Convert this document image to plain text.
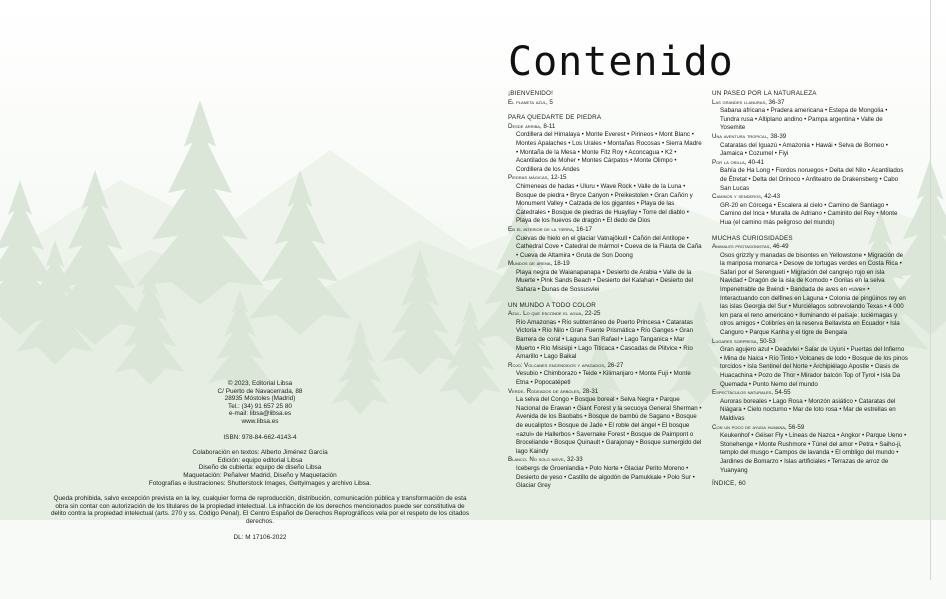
© 2023, Editorial Libsa
C/ Puerto de Navacerrada, 88
28935 Móstoles (Madrid)
Tel.: (34) 91 657 25 80
e-mail: libsa@libsa.es
www.libsa.es
ISBN: 978-84-662-4143-4
Colaboración en textos: Alberto Jiménez García
Edición: equipo editorial Libsa
Diseño de cubierta: equipo de diseño Libsa
Maquetación: Peñalver Madrid, Diseño y Maquetación
Fotografías e ilustraciones: Shutterstock Images, Gettyimages y archivo Libsa.
Queda prohibida, salvo excepción prevista en la ley, cualquier forma de reproducción, distribución, comunicación pública y transformación de esta obra sin contar con autorización de los titulares de la propiedad intelectual. La infracción de los derechos mencionados puede ser constitutiva de delito contra la propiedad intelectual (arts. 270 y ss. Código Penal). El Centro Español de Derechos Reprográficos vela por el respeto de los citados derechos.
DL: M 17106-2022
Contenido
¡BIENVENIDO!
El planeta azul, 5
PARA QUEDARTE DE PIEDRA
Desde arriba, 8-11
Cordillera del Himalaya • Monte Everest • Pirineos • Mont Blanc • Montes Apalaches • Los Urales • Montañas Rocosas • Sierra Madre • Montaña de la Mesa • Monte Fitz Roy • Aconcagua • K2 • Acantilados de Moher • Montes Cárpatos • Monte Olimpo • Cordillera de los Andes
Piedras mágicas, 12-15
Chimeneas de hadas • Uluru • Wave Rock • Valle de la Luna • Bosque de piedra • Bryce Canyon • Preikestolen • Gran Cañón y Monument Valley • Calzada de los gigantes • Playa de las Catedrales • Bosque de piedras de Huayllay • Torre del diablo • Playa de los huevos de dragón • El dedo de Dios
En el interior de la tierra, 16-17
Cuevas de hielo en el glaciar Vatnajökull • Cañón del Antílope • Cathedral Cove • Catedral de mármol • Cueva de la Flauta de Caña • Cueva de Altamira • Gruta de Son Doong
Mundos de arena, 18-19
Playa negra de Waianapanapa • Desierto de Arabia • Valle de la Muerte • Pink Sands Beach • Desierto del Kalahari • Desierto del Sahara • Dunas de Sossusvlei
UN MUNDO A TODO COLOR
Azul. Lo que esconde el agua, 22-25
Río Amazonas • Río subterráneo de Puerto Princesa • Cataratas Victoria • Río Nilo • Gran Fuente Prismática • Río Ganges • Gran Barrera de coral • Laguna San Rafael • Lago Tanganica • Mar Muerto • Río Misisipi • Lago Titicaca • Cascadas de Plitvice • Río Amarillo • Lago Baikal
Rojo: Volcanes encendidos y apagados, 26-27
Vesubio • Chimborazo • Teide • Kilimanjaro • Monte Fuji • Monte Etna • Popocatépetl
Verde. Rodeados de árboles, 28-31
La selva del Congo • Bosque boreal • Selva Negra • Parque Nacional de Erawan • Giant Forest y la secuoya General Sherman • Avenida de los Baobabs • Bosque de bambú de Sagano • Bosque de eucaliptos • Bosque de Jade • El roble del ángel • El bosque «azul» de Hallerbos • Savernake Forest • Bosque de Paimpont o Broceliande • Bosque Quinault • Garajonay • Bosque sumergido del lago Kaindy
Blanco. No solo nieve, 32-33
Icebergs de Groenlandia • Polo Norte • Glaciar Perito Moreno • Desierto de yeso • Castillo de algodón de Pamukkale • Polo Sur • Glaciar Grey
UN PASEO POR LA NATURALEZA
Las grandes llanuras, 36-37
Sabana africana • Pradera americana • Estepa de Mongolia • Tundra rusa • Altiplano andino • Pampa argentina • Valle de Yosemite
Una aventura tropical, 38-39
Cataratas del Iguazú • Amazonia • Hawái • Selva de Borneo • Jamaica • Cozumel • Fiyi
Por la orilla, 40-41
Bahía de Ha Long • Fiordos noruegos • Delta del Nilo • Acantilados de Étretat • Delta del Orinoco • Anfiteatro de Drakensberg • Cabo San Lucas
Caminos y senderos, 42-43
GR-20 en Córcega • Escalera al cielo • Camino de Santiago • Camino del Inca • Muralla de Adriano • Caminito del Rey • Monte Hua (el camino más peligroso del mundo)
MUCHAS CURIOSIDADES
Animales protagonistas, 46-49
Osos grizzly y manadas de bisontes en Yellowstone • Migración de la mariposa monarca • Desove de tortugas verdes en Costa Rica • Safari por el Serengueti • Migración del cangrejo rojo en isla Navidad • Dragón de la isla de Komodo • Gorilas en la selva Impenetrable de Bwindi • Bandada de aves en «uve» • Interactuando con delfines en Laguna • Colonia de pingüinos rey en las islas Georgia del Sur • Murciélagos sobrevolando Texas • 4 000 km para el reno americano • Iluminando el paisaje: luciérnagas y otros amigos • Colibríes en la reserva Bellavista en Ecuador • Isla Canguro • Parque Kanha y el tigre de Bengala
Lugares sorpresa, 50-53
Gran agujero azul • Deadvlei • Salar de Uyuni • Puertas del Infierno • Mina de Naica • Río Tinto • Volcanes de lodo • Bosque de los pinos torcidos • Isla Sentinel del Norte • Archipiélago Apostle • Oasis de Huacachina • Pozo de Thor • Mirador balcón Top of Tyrol • Isla Da Quemada • Punto Nemo del mundo
Espectáculos naturales, 54-55
Auroras boreales • Lago Rosa • Monzón asiático • Cataratas del Niágara • Cielo nocturno • Mar de loto rosa • Mar de estrellas en Maldivas
Con un poco de ayuda humana, 56-59
Keukenhof • Géiser Fly • Líneas de Nazca • Angkor • Parque Ueno • Stonehenge • Monte Rushmore • Túnel del amor • Petra • Saiho-ji, templo del musgo • Campos de lavanda • El ombligo del mundo • Jardines de Bomarzo • Islas artificiales • Terrazas de arroz de Yuanyang
ÍNDICE, 60
